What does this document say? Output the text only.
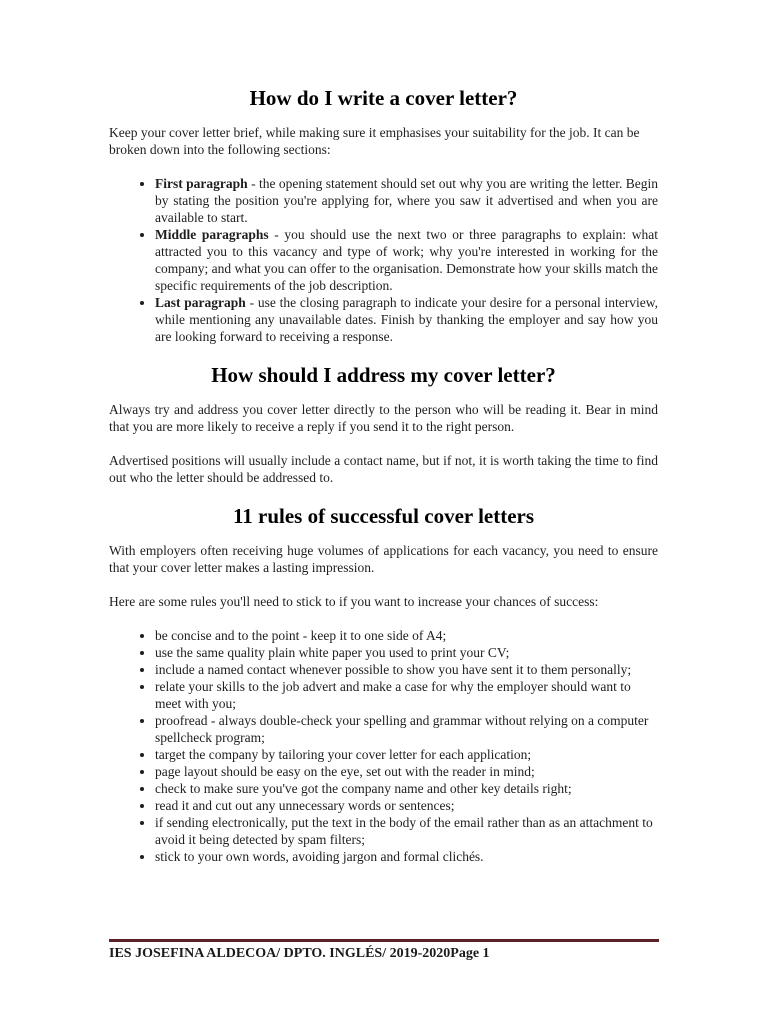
How do I write a cover letter?

Keep your cover letter brief, while making sure it emphasises your suitability for the job. It can be broken down into the following sections:

• First paragraph - the opening statement should set out why you are writing the letter. Begin by stating the position you're applying for, where you saw it advertised and when you are available to start.
• Middle paragraphs - you should use the next two or three paragraphs to explain: what attracted you to this vacancy and type of work; why you're interested in working for the company; and what you can offer to the organisation. Demonstrate how your skills match the specific requirements of the job description.
• Last paragraph - use the closing paragraph to indicate your desire for a personal interview, while mentioning any unavailable dates. Finish by thanking the employer and say how you are looking forward to receiving a response.
How should I address my cover letter?

Always try and address you cover letter directly to the person who will be reading it. Bear in mind that you are more likely to receive a reply if you send it to the right person.

Advertised positions will usually include a contact name, but if not, it is worth taking the time to find out who the letter should be addressed to.

11 rules of successful cover letters

With employers often receiving huge volumes of applications for each vacancy, you need to ensure that your cover letter makes a lasting impression.

Here are some rules you'll need to stick to if you want to increase your chances of success:

• be concise and to the point - keep it to one side of A4;
• use the same quality plain white paper you used to print your CV;
• include a named contact whenever possible to show you have sent it to them personally;
• relate your skills to the job advert and make a case for why the employer should want to meet with you;
• proofread - always double-check your spelling and grammar without relying on a computer spellcheck program;
• target the company by tailoring your cover letter for each application;
• page layout should be easy on the eye, set out with the reader in mind;
• check to make sure you've got the company name and other key details right;
• read it and cut out any unnecessary words or sentences;
• if sending electronically, put the text in the body of the email rather than as an attachment to avoid it being detected by spam filters;
• stick to your own words, avoiding jargon and formal clichés.
IES JOSEFINA ALDECOA/ DPTO. INGLÉS/ 2019-2020Page 1
